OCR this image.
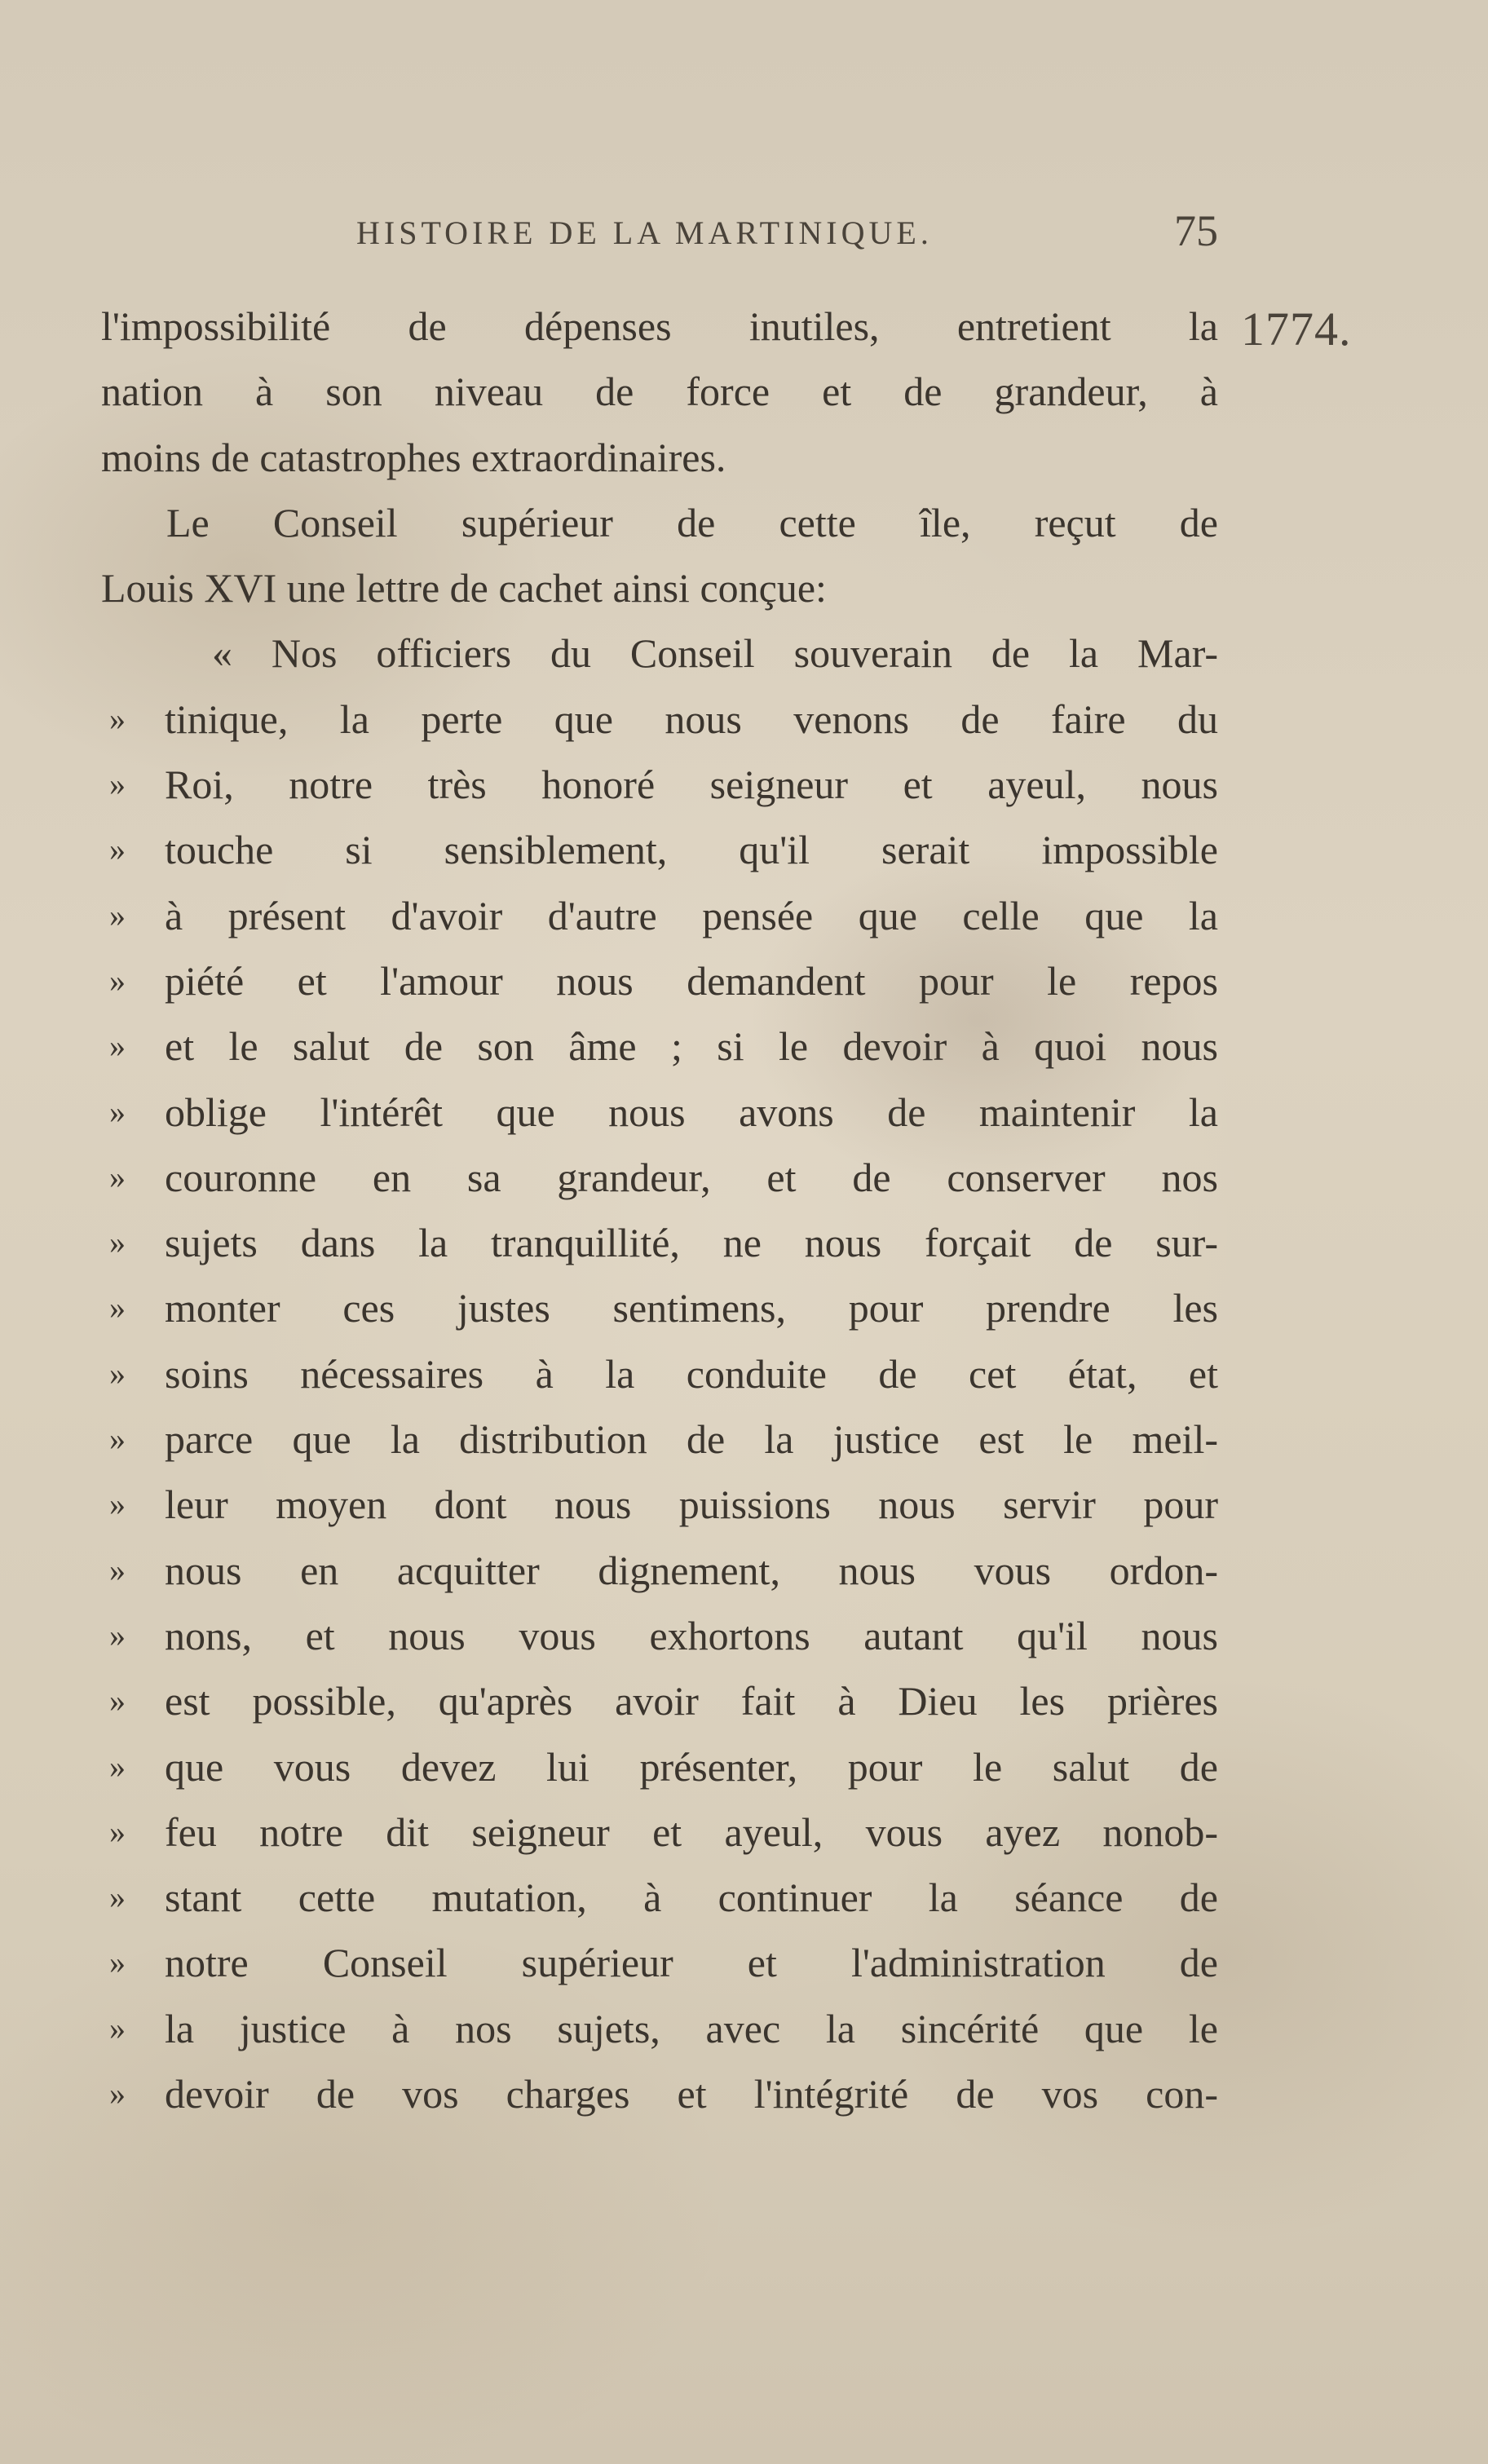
HISTOIRE DE LA MARTINIQUE.	75
1774.
l'impossibilité de dépenses inutiles, entretient la
nation à son niveau de force et de grandeur, à
moins de catastrophes extraordinaires.
Le Conseil supérieur de cette île, reçut de
Louis XVI une lettre de cachet ainsi conçue:
« Nos officiers du Conseil souverain de la Mar-
» tinique, la perte que nous venons de faire du
» Roi, notre très honoré seigneur et ayeul, nous
» touche si sensiblement, qu'il serait impossible
» à présent d'avoir d'autre pensée que celle que la
» piété et l'amour nous demandent pour le repos
» et le salut de son âme ; si le devoir à quoi nous
» oblige l'intérêt que nous avons de maintenir la
» couronne en sa grandeur, et de conserver nos
» sujets dans la tranquillité, ne nous forçait de sur-
» monter ces justes sentimens, pour prendre les
» soins nécessaires à la conduite de cet état, et
» parce que la distribution de la justice est le meil-
» leur moyen dont nous puissions nous servir pour
» nous en acquitter dignement, nous vous ordon-
» nons, et nous vous exhortons autant qu'il nous
» est possible, qu'après avoir fait à Dieu les prières
» que vous devez lui présenter, pour le salut de
» feu notre dit seigneur et ayeul, vous ayez nonob-
» stant cette mutation, à continuer la séance de
» notre Conseil supérieur et l'administration de
» la justice à nos sujets, avec la sincérité que le
» devoir de vos charges et l'intégrité de vos con-
